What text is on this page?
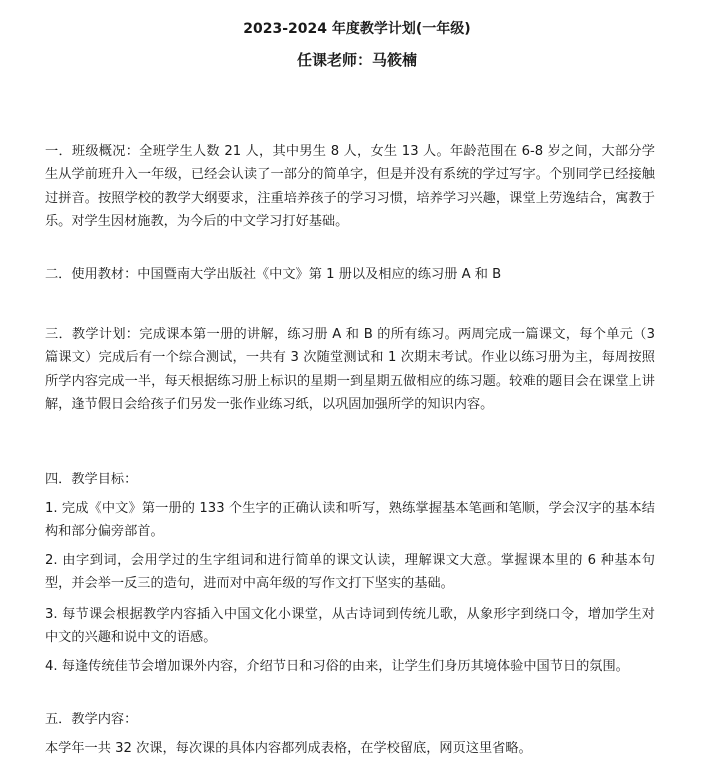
2023-2024 年度教学计划(一年级)
任课老师：马筱楠

一．班级概况：全班学生人数 21 人，其中男生 8 人，女生 13 人。年龄范围在 6-8 岁之间，大部分学生从学前班升入一年级，已经会认读了一部分的简单字，但是并没有系统的学过写字。个别同学已经接触过拼音。按照学校的教学大纲要求，注重培养孩子的学习习惯，培养学习兴趣，课堂上劳逸结合，寓教于乐。对学生因材施教，为今后的中文学习打好基础。

二．使用教材：中国暨南大学出版社《中文》第 1 册以及相应的练习册 A 和 B

三．教学计划：完成课本第一册的讲解，练习册 A 和 B 的所有练习。两周完成一篇课文，每个单元（3 篇课文）完成后有一个综合测试，一共有 3 次随堂测试和 1 次期末考试。作业以练习册为主，每周按照所学内容完成一半，每天根据练习册上标识的星期一到星期五做相应的练习题。较难的题目会在课堂上讲解，逢节假日会给孩子们另发一张作业练习纸，以巩固加强所学的知识内容。

四．教学目标：

1. 完成《中文》第一册的 133 个生字的正确认读和听写，熟练掌握基本笔画和笔顺，学会汉字的基本结构和部分偏旁部首。

2. 由字到词，会用学过的生字组词和进行简单的课文认读，理解课文大意。掌握课本里的 6 种基本句型，并会举一反三的造句，进而对中高年级的写作文打下坚实的基础。

3. 每节课会根据教学内容插入中国文化小课堂，从古诗词到传统儿歌，从象形字到绕口令，增加学生对中文的兴趣和说中文的语感。

4. 每逢传统佳节会增加课外内容，介绍节日和习俗的由来，让学生们身历其境体验中国节日的氛围。

五．教学内容：

本学年一共 32 次课，每次课的具体内容都列成表格，在学校留底，网页这里省略。
